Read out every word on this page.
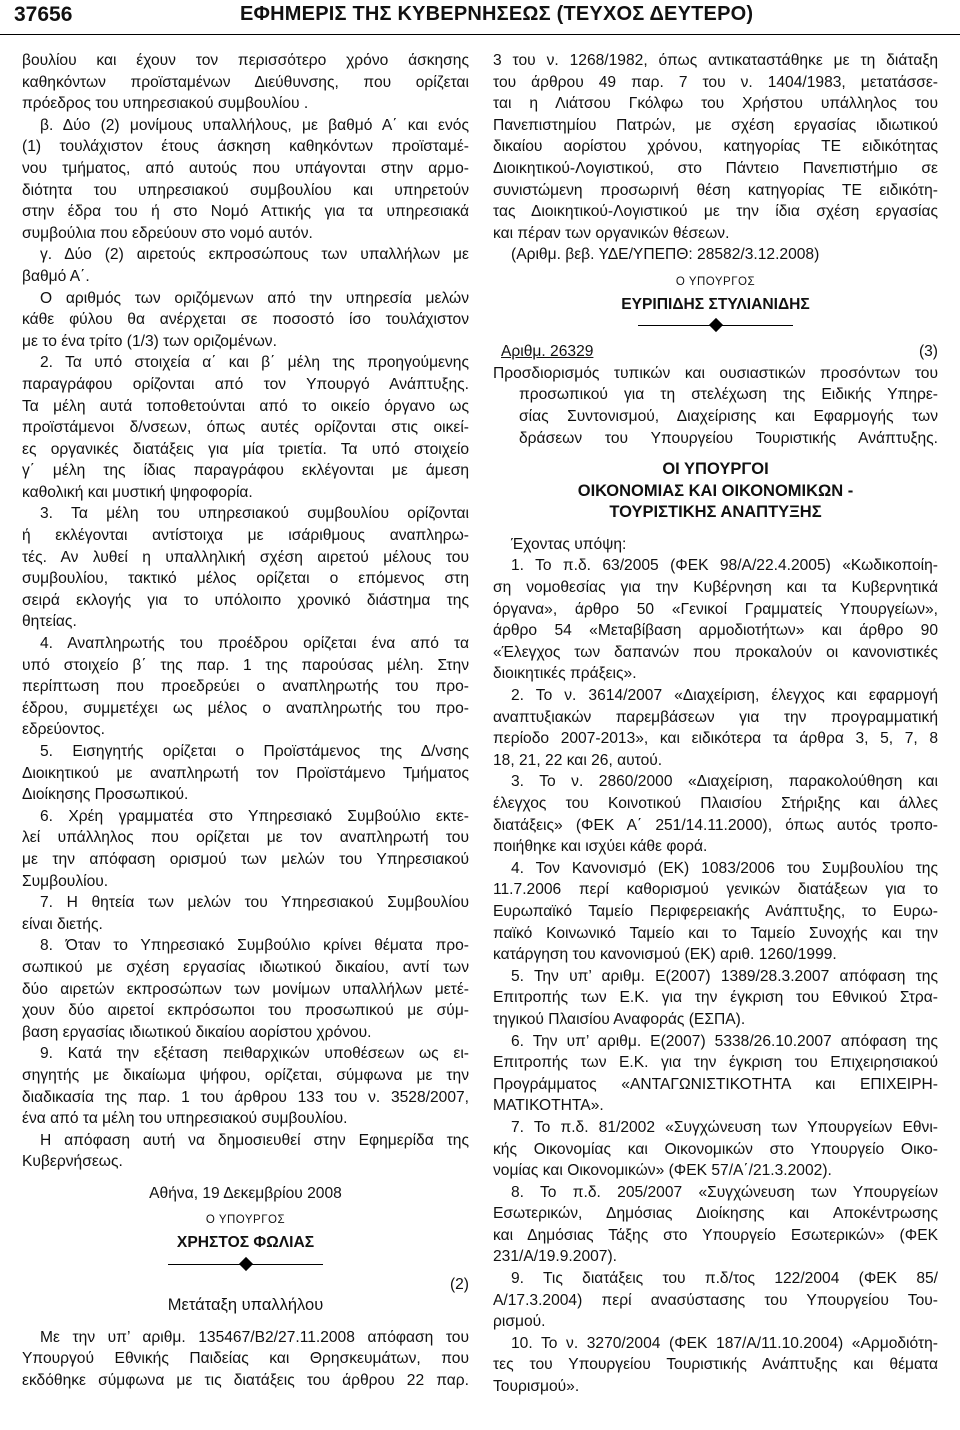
37656	ΕΦΗΜΕΡΙΣ ΤΗΣ ΚΥΒΕΡΝΗΣΕΩΣ (ΤΕΥΧΟΣ ΔΕΥΤΕΡΟ)
βουλίου και έχουν τον περισσότερο χρόνο άσκησης
καθηκόντων προϊσταμένων Διεύθυνσης, που ορίζεται
πρόεδρος του υπηρεσιακού συμβουλίου .
β. Δύο (2) μονίμους υπαλλήλους, με βαθμό Α΄ και ενός
(1) τουλάχιστον έτους άσκηση καθηκόντων προϊσταμέ-
νου τμήματος, από αυτούς που υπάγονται στην αρμο-
διότητα του υπηρεσιακού συμβουλίου και υπηρετούν
στην έδρα του ή στο Νομό Αττικής για τα υπηρεσιακά
συμβούλια που εδρεύουν στο νομό αυτόν.
γ. Δύο (2) αιρετούς εκπροσώπους των υπαλλήλων με
βαθμό Α΄.
Ο αριθμός των οριζόμενων από την υπηρεσία μελών
κάθε φύλου θα ανέρχεται σε ποσοστό ίσο τουλάχιστον
με το ένα τρίτο (1/3) των οριζομένων.
2. Τα υπό στοιχεία α΄ και β΄ μέλη της προηγούμενης
παραγράφου ορίζονται από τον Υπουργό Ανάπτυξης.
Τα μέλη αυτά τοποθετούνται από το οικείο όργανο ως
προϊστάμενοι δ/νσεων, όπως αυτές ορίζονται στις οικεί-
ες οργανικές διατάξεις για μία τριετία. Τα υπό στοιχείο
γ΄ μέλη της ίδιας παραγράφου εκλέγονται με άμεση
καθολική και μυστική ψηφοφορία.
3. Τα μέλη του υπηρεσιακού συμβουλίου ορίζονται
ή εκλέγονται αντίστοιχα με ισάριθμους αναπληρω-
τές. Αν λυθεί η υπαλληλική σχέση αιρετού μέλους του
συμβουλίου, τακτικό μέλος ορίζεται ο επόμενος στη
σειρά εκλογής για το υπόλοιπο χρονικό διάστημα της
θητείας.
4. Αναπληρωτής του προέδρου ορίζεται ένα από τα
υπό στοιχείο β΄ της παρ. 1 της παρούσας μέλη. Στην
περίπτωση που προεδρεύει ο αναπληρωτής του προ-
έδρου, συμμετέχει ως μέλος ο αναπληρωτής του προ-
εδρεύοντος.
5. Εισηγητής ορίζεται ο Προϊστάμενος της Δ/νσης
Διοικητικού με αναπληρωτή τον Προϊστάμενο Τμήματος
Διοίκησης Προσωπικού.
6. Χρέη γραμματέα στο Υπηρεσιακό Συμβούλιο εκτε-
λεί υπάλληλος που ορίζεται με τον αναπληρωτή του
με την απόφαση ορισμού των μελών του Υπηρεσιακού
Συμβουλίου.
7. Η θητεία των μελών του Υπηρεσιακού Συμβουλίου
είναι διετής.
8. Όταν το Υπηρεσιακό Συμβούλιο κρίνει θέματα προ-
σωπικού με σχέση εργασίας ιδιωτικού δικαίου, αντί των
δύο αιρετών εκπροσώπων των μονίμων υπαλλήλων μετέ-
χουν δύο αιρετοί εκπρόσωποι του προσωπικού με σύμ-
βαση εργασίας ιδιωτικού δικαίου αορίστου χρόνου.
9. Κατά την εξέταση πειθαρχικών υποθέσεων ως ει-
σηγητής με δικαίωμα ψήφου, ορίζεται, σύμφωνα με την
διαδικασία της παρ. 1 του άρθρου 133 του ν. 3528/2007,
ένα από τα μέλη του υπηρεσιακού συμβουλίου.
Η απόφαση αυτή να δημοσιευθεί στην Εφημερίδα της
Κυβερνήσεως.
Αθήνα, 19 Δεκεμβρίου 2008
Ο ΥΠΟΥΡΓΟΣ
ΧΡΗΣΤΟΣ ΦΩΛΙΑΣ
(2)
Μετάταξη υπαλλήλου
Με την υπ’ αριθμ. 135467/Β2/27.11.2008 απόφαση του
Υπουργού Εθνικής Παιδείας και Θρησκευμάτων, που
εκδόθηκε σύμφωνα με τις διατάξεις του άρθρου 22 παρ.
3 του ν. 1268/1982, όπως αντικαταστάθηκε με τη διάταξη
του άρθρου 49 παρ. 7 του ν. 1404/1983, μετατάσσε-
ται η Λιάτσου Γκόλφω του Χρήστου υπάλληλος του
Πανεπιστημίου Πατρών, με σχέση εργασίας ιδιωτικού
δικαίου αορίστου χρόνου, κατηγορίας ΤΕ ειδικότητας
Διοικητικού-Λογιστικού, στο Πάντειο Πανεπιστήμιο σε
συνιστώμενη προσωρινή θέση κατηγορίας ΤΕ ειδικότη-
τας Διοικητικού-Λογιστικού με την ίδια σχέση εργασίας
και πέραν των οργανικών θέσεων.
(Αριθμ. βεβ. ΥΔΕ/ΥΠΕΠΘ: 28582/3.12.2008)
Ο ΥΠΟΥΡΓΟΣ
ΕΥΡΙΠΙΔΗΣ ΣΤΥΛΙΑΝΙΔΗΣ
Αριθμ. 26329	(3)
Προσδιορισμός τυπικών και ουσιαστικών προσόντων του
προσωπικού για τη στελέχωση της Ειδικής Υπηρε-
σίας Συντονισμού, Διαχείρισης και Εφαρμογής των
δράσεων του Υπουργείου Τουριστικής Ανάπτυξης.
ΟΙ ΥΠΟΥΡΓΟΙ
ΟΙΚΟΝΟΜΙΑΣ ΚΑΙ ΟΙΚΟΝΟΜΙΚΩΝ -
ΤΟΥΡΙΣΤΙΚΗΣ ΑΝΑΠΤΥΞΗΣ
Έχοντας υπόψη:
1. Το π.δ. 63/2005 (ΦΕΚ 98/Α/22.4.2005) «Κωδικοποίη-
ση νομοθεσίας για την Κυβέρνηση και τα Κυβερνητικά
όργανα», άρθρο 50 «Γενικοί Γραμματείς Υπουργείων»,
άρθρο 54 «Μεταβίβαση αρμοδιοτήτων» και άρθρο 90
«Έλεγχος των δαπανών που προκαλούν οι κανονιστικές
διοικητικές πράξεις».
2. Το ν. 3614/2007 «Διαχείριση, έλεγχος και εφαρμογή
αναπτυξιακών παρεμβάσεων για την προγραμματική
περίοδο 2007-2013», και ειδικότερα τα άρθρα 3, 5, 7, 8
18, 21, 22 και 26, αυτού.
3. Το ν. 2860/2000 «Διαχείριση, παρακολούθηση και
έλεγχος του Κοινοτικού Πλαισίου Στήριξης και άλλες
διατάξεις» (ΦΕΚ Α΄ 251/14.11.2000), όπως αυτός τροπο-
ποιήθηκε και ισχύει κάθε φορά.
4. Τον Κανονισμό (ΕΚ) 1083/2006 του Συμβουλίου της
11.7.2006 περί καθορισμού γενικών διατάξεων για το
Ευρωπαϊκό Ταμείο Περιφερειακής Ανάπτυξης, το Ευρω-
παϊκό Κοινωνικό Ταμείο και το Ταμείο Συνοχής και την
κατάργηση του κανονισμού (ΕΚ) αριθ. 1260/1999.
5. Την υπ’ αριθμ. Ε(2007) 1389/28.3.2007 απόφαση της
Επιτροπής των Ε.Κ. για την έγκριση του Εθνικού Στρα-
τηγικού Πλαισίου Αναφοράς (ΕΣΠΑ).
6. Την υπ’ αριθμ. Ε(2007) 5338/26.10.2007 απόφαση της
Επιτροπής των Ε.Κ. για την έγκριση του Επιχειρησιακού
Προγράμματος «ΑΝΤΑΓΩΝΙΣΤΙΚΟΤΗΤΑ και ΕΠΙΧΕΙΡΗ-
ΜΑΤΙΚΟΤΗΤΑ».
7. Το π.δ. 81/2002 «Συγχώνευση των Υπουργείων Εθνι-
κής Οικονομίας και Οικονομικών στο Υπουργείο Οικο-
νομίας και Οικονομικών» (ΦΕΚ 57/Α΄/21.3.2002).
8. Το π.δ. 205/2007 «Συγχώνευση των Υπουργείων
Εσωτερικών, Δημόσιας Διοίκησης και Αποκέντρωσης
και Δημόσιας Τάξης στο Υπουργείο Εσωτερικών» (ΦΕΚ
231/Α/19.9.2007).
9. Τις διατάξεις του π.δ/τος 122/2004 (ΦΕΚ 85/
Α/17.3.2004) περί ανασύστασης του Υπουργείου Του-
ρισμού.
10. Το ν. 3270/2004 (ΦΕΚ 187/Α/11.10.2004) «Αρμοδιότη-
τες του Υπουργείου Τουριστικής Ανάπτυξης και θέματα
Τουρισμού».
